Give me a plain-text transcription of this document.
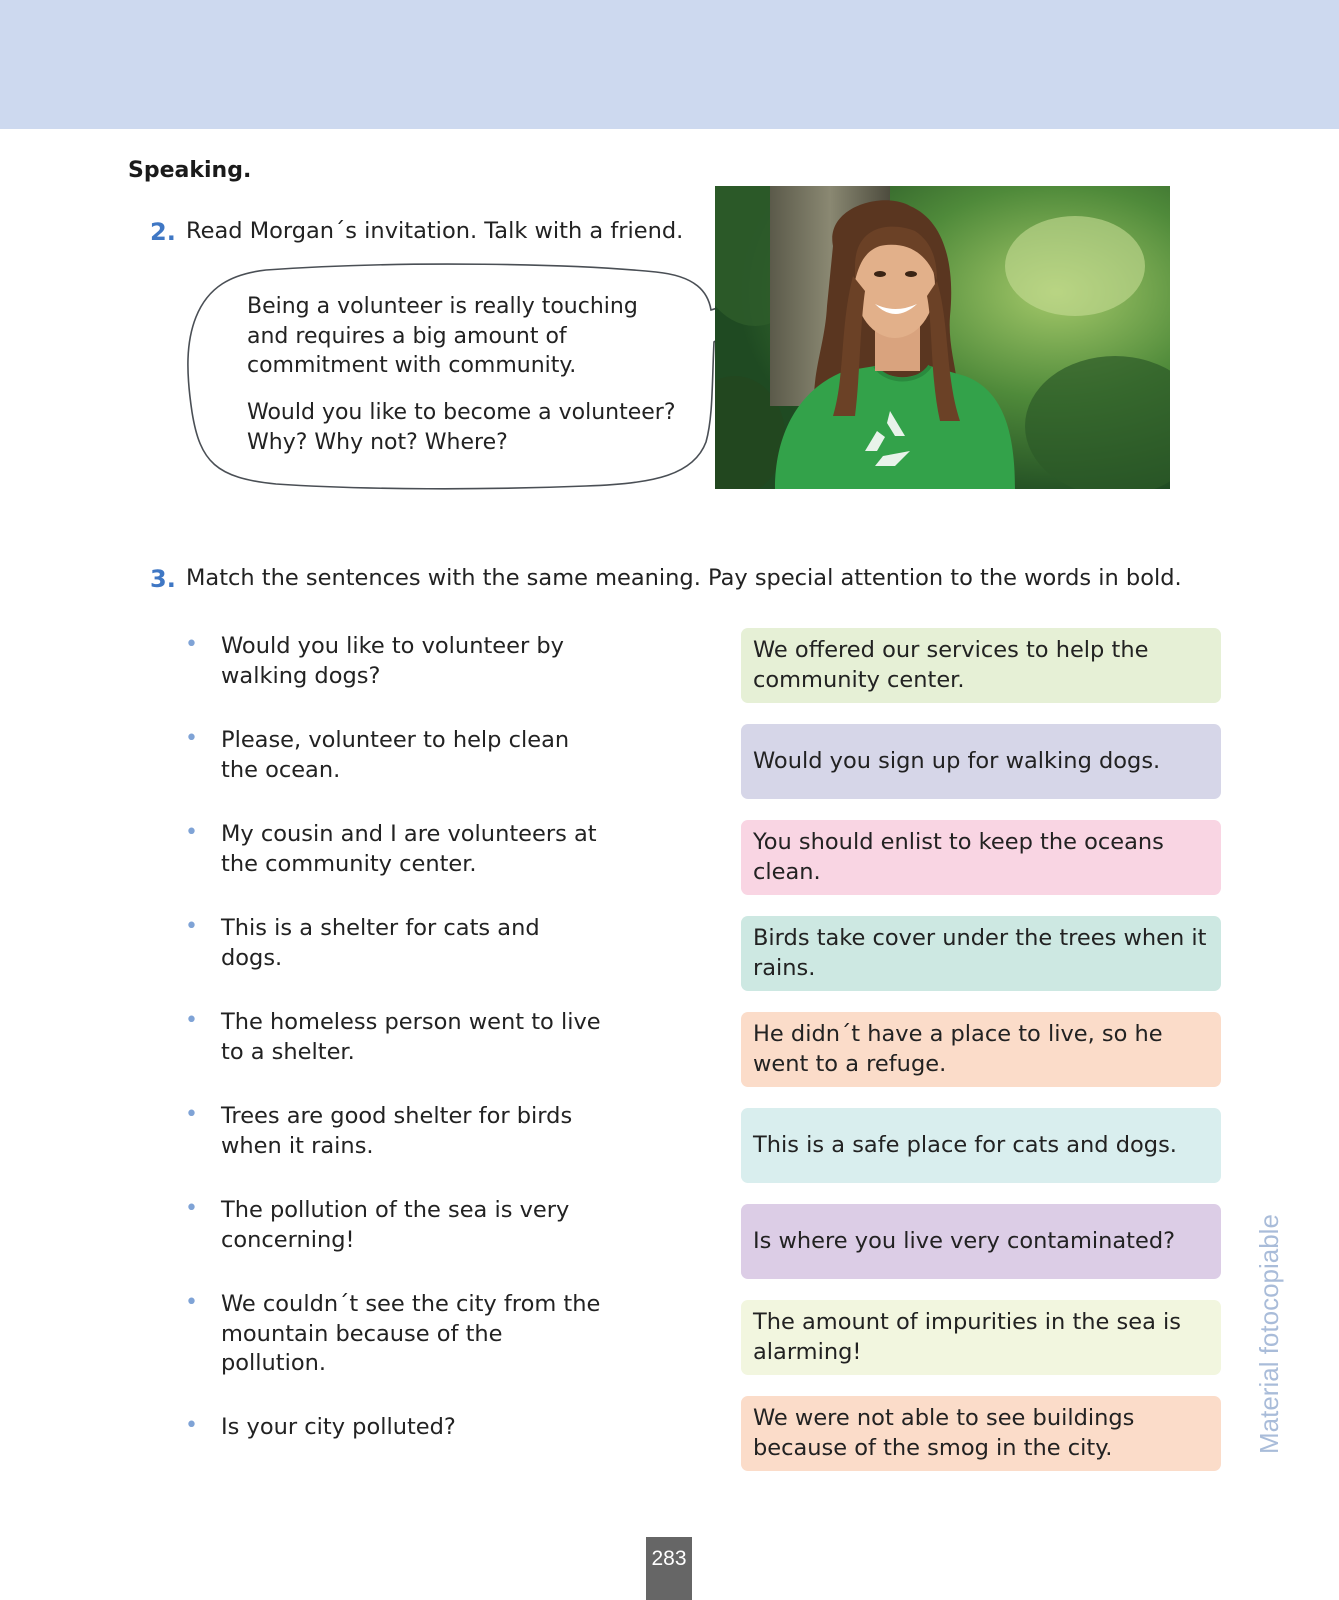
Speaking.
2. Read Morgan´s invitation. Talk with a friend.
Being a volunteer is really touching
and requires a big amount of
commitment with community.
Would you like to become a volunteer?
Why? Why not? Where?
3. Match the sentences with the same meaning. Pay special attention to the words in bold.
• Would you like to volunteer by walking dogs?
• Please, volunteer to help clean the ocean.
• My cousin and I are volunteers at the community center.
• This is a shelter for cats and dogs.
• The homeless person went to live to a shelter.
• Trees are good shelter for birds when it rains.
• The pollution of the sea is very concerning!
• We couldn´t see the city from the mountain because of the pollution.
• Is your city polluted?
We offered our services to help the community center.
Would you sign up for walking dogs.
You should enlist to keep the oceans clean.
Birds take cover under the trees when it rains.
He didn´t have a place to live, so he went to a refuge.
This is a safe place for cats and dogs.
Is where you live very contaminated?
The amount of impurities in the sea is alarming!
We were not able to see buildings because of the smog in the city.	Material fotocopiable
283
